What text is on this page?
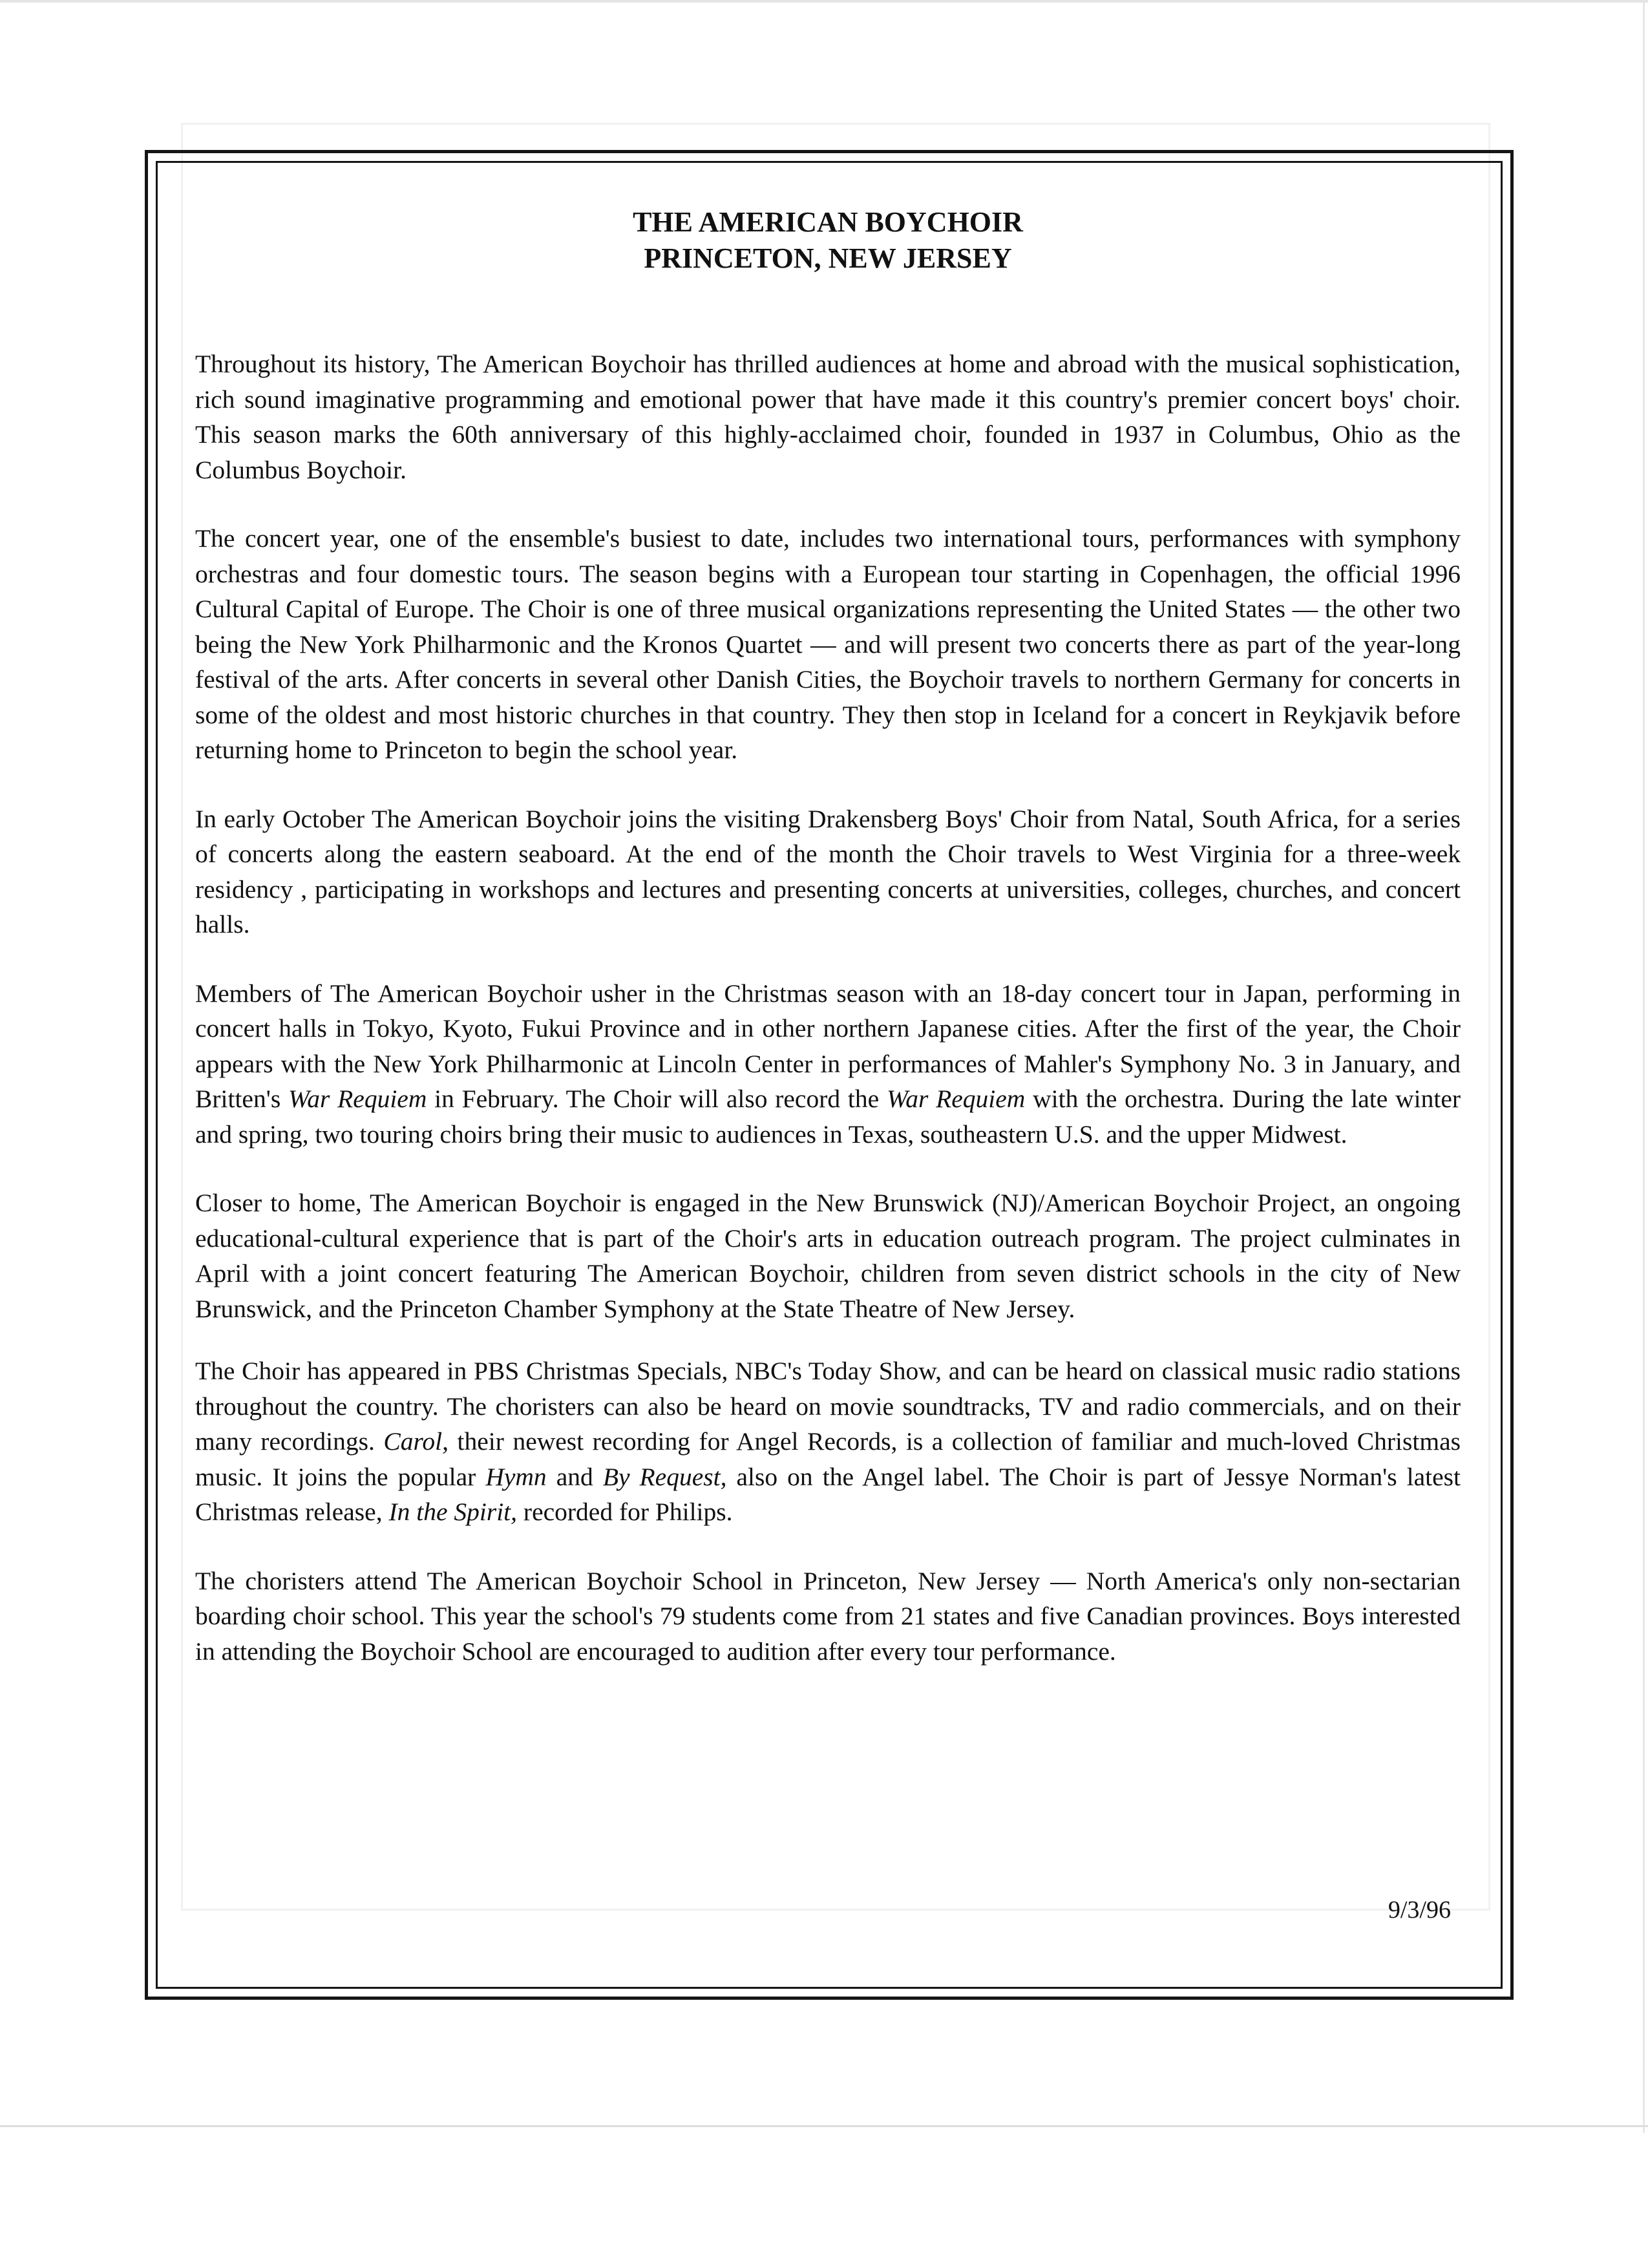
THE AMERICAN BOYCHOIR
PRINCETON, NEW JERSEY

Throughout its history, The American Boychoir has thrilled audiences at home and abroad with the musical sophistication, rich sound imaginative programming and emotional power that have made it this country's premier concert boys' choir. This season marks the 60th anniversary of this highly-acclaimed choir, founded in 1937 in Columbus, Ohio as the Columbus Boychoir.

The concert year, one of the ensemble's busiest to date, includes two international tours, performances with symphony orchestras and four domestic tours. The season begins with a European tour starting in Copenhagen, the official 1996 Cultural Capital of Europe. The Choir is one of three musical organizations representing the United States — the other two being the New York Philharmonic and the Kronos Quartet — and will present two concerts there as part of the year-long festival of the arts. After concerts in several other Danish Cities, the Boychoir travels to northern Germany for concerts in some of the oldest and most historic churches in that country. They then stop in Iceland for a concert in Reykjavik before returning home to Princeton to begin the school year.

In early October The American Boychoir joins the visiting Drakensberg Boys' Choir from Natal, South Africa, for a series of concerts along the eastern seaboard. At the end of the month the Choir travels to West Virginia for a three-week residency , participating in workshops and lectures and presenting concerts at universities, colleges, churches, and concert halls.

Members of The American Boychoir usher in the Christmas season with an 18-day concert tour in Japan, performing in concert halls in Tokyo, Kyoto, Fukui Province and in other northern Japanese cities. After the first of the year, the Choir appears with the New York Philharmonic at Lincoln Center in performances of Mahler's Symphony No. 3 in January, and Britten's War Requiem in February. The Choir will also record the War Requiem with the orchestra. During the late winter and spring, two touring choirs bring their music to audiences in Texas, southeastern U.S. and the upper Midwest.

Closer to home, The American Boychoir is engaged in the New Brunswick (NJ)/American Boychoir Project, an ongoing educational-cultural experience that is part of the Choir's arts in education outreach program. The project culminates in April with a joint concert featuring The American Boychoir, children from seven district schools in the city of New Brunswick, and the Princeton Chamber Symphony at the State Theatre of New Jersey.

The Choir has appeared in PBS Christmas Specials, NBC's Today Show, and can be heard on classical music radio stations throughout the country. The choristers can also be heard on movie soundtracks, TV and radio commercials, and on their many recordings. Carol, their newest recording for Angel Records, is a collection of familiar and much-loved Christmas music. It joins the popular Hymn and By Request, also on the Angel label. The Choir is part of Jessye Norman's latest Christmas release, In the Spirit, recorded for Philips.

The choristers attend The American Boychoir School in Princeton, New Jersey — North America's only non-sectarian boarding choir school. This year the school's 79 students come from 21 states and five Canadian provinces. Boys interested in attending the Boychoir School are encouraged to audition after every tour performance.

9/3/96
